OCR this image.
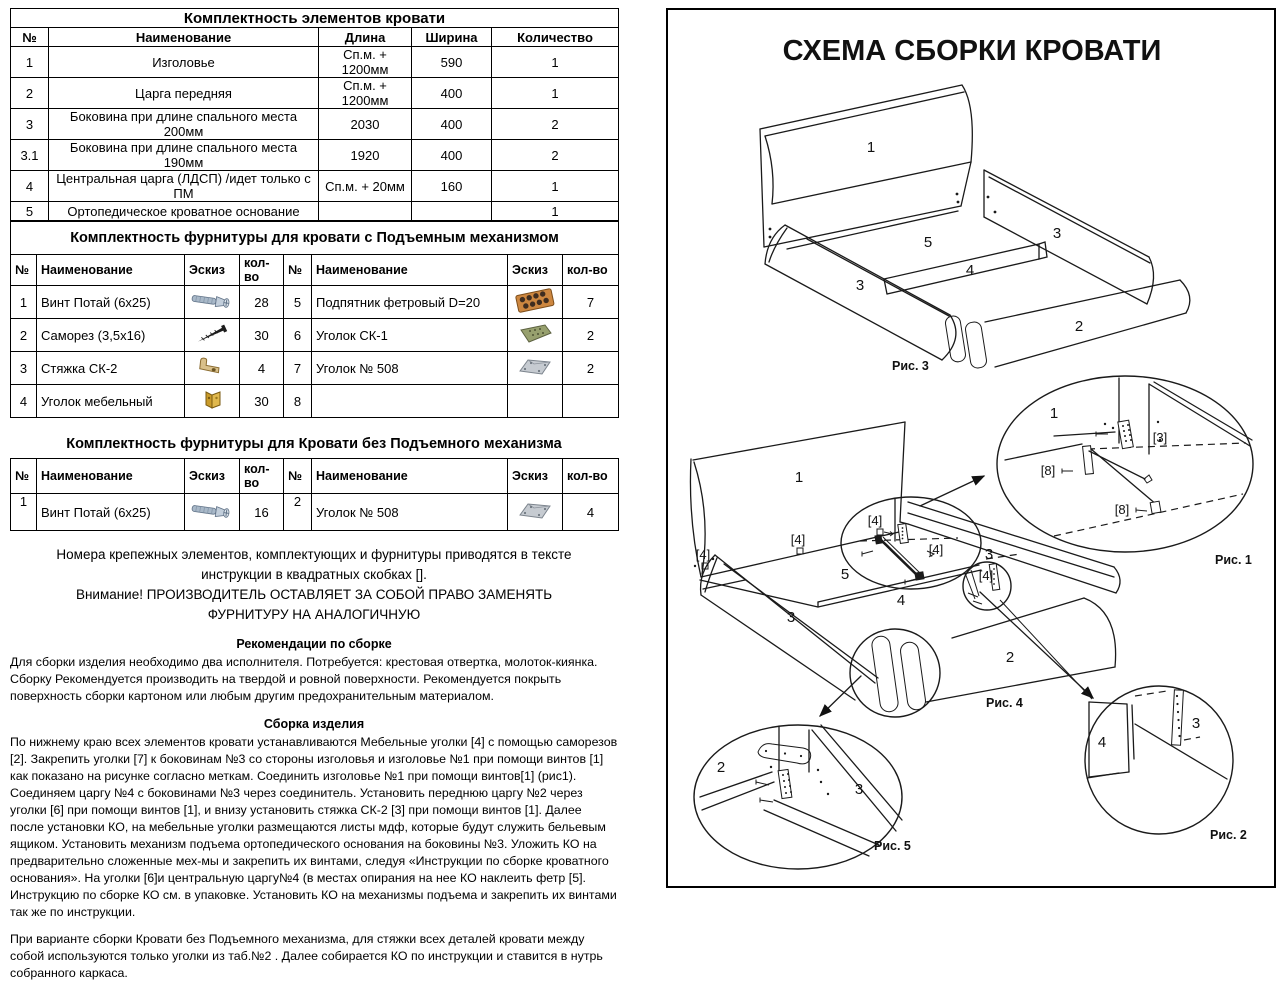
Комплектность элементов кровати				
№	Наименование	Длина	Ширина	Количество
1	Изголовье	Сп.м. + 1200мм	590	1
2	Царга передняя	Сп.м. + 1200мм	400	1
3	Боковина при длине спального места 200мм	2030	400	2
3.1	Боковина при длине спального места 190мм	1920	400	2
4	Центральная царга (ЛДСП) /идет только с ПМ	Сп.м. + 20мм	160	1
5	Ортопедическое кроватное основание			1
Комплектность фурнитуры для кровати с Подъемным механизмом							
№	Наименование	Эскиз	кол-во	№	Наименование	Эскиз	кол-во
1	Винт Потай (6х25)		28	5	Подпятник фетровый D=20		7
2	Саморез (3,5х16)		30	6	Уголок СК-1		2
3	Стяжка СК-2		4	7	Уголок № 508		2
4	Уголок мебельный		30	8			
Комплектность фурнитуры для Кровати без Подъемного механизма
№	Наименование	Эскиз	кол-во	№	Наименование	Эскиз	кол-во
1	Винт Потай (6х25)		16	2	Уголок № 508		4
Номера крепежных элементов, комплектующих и фурнитуры приводятся в тексте инструкции в квадратных скобках [].
Внимание! ПРОИЗВОДИТЕЛЬ ОСТАВЛЯЕТ ЗА СОБОЙ ПРАВО ЗАМЕНЯТЬ ФУРНИТУРУ НА АНАЛОГИЧНУЮ
Рекомендации по сборке

Для сборки изделия необходимо два исполнителя. Потребуется: крестовая отвертка, молоток-киянка. Сборку Рекомендуется производить на твердой и ровной поверхности. Рекомендуется покрыть поверхность сборки картоном или любым другим предохранительным материалом.

Сборка изделия

По нижнему краю всех элементов кровати устанавливаются Мебельные уголки [4] с помощью саморезов [2]. Закрепить уголки [7] к боковинам №3 со стороны изголовья и изголовье №1 при помощи винтов [1] как показано на рисунке согласно меткам. Соединить изголовье №1 при помощи винтов[1] (рис1). Соединяем царгу №4 с боковинами №3 через соединитель. Установить переднюю царгу №2 через уголки [6] при помощи винтов [1], и внизу установить стяжка СК-2 [3] при помощи винтов [1]. Далее после установки КО, на мебельные уголки размещаются листы мдф, которые будут служить бельевым ящиком. Установить механизм подъема ортопедического основания на боковины №3. Уложить КО на предварительно сложенные мех-мы и закрепить их винтами, следуя «Инструкции по сборке кроватного основания». На уголки [6]и центральную царгу№4 (в местах опирания на нее КО наклеить фетр [5]. Инструкцию по сборке КО см. в упаковке. Установить КО на механизмы подъема и закрепить их винтами так же по инструкции.

При варианте сборки Кровати без Подъемного механизма, для стяжки всех деталей кровати между собой используются только уголки из таб.№2 . Далее собирается КО по инструкции и ставится в нутрь собранного каркаса.

СХЕМА СБОРКИ КРОВАТИ
1
3
5
4
3
2
Рис. 3
1
[4]
[4]
[4]
[4]
[4]
5
4
3
3
2
Рис. 4
1
[3]
[8]
[8]
Рис. 1
2
3
Рис. 5
4
3
Рис. 2
